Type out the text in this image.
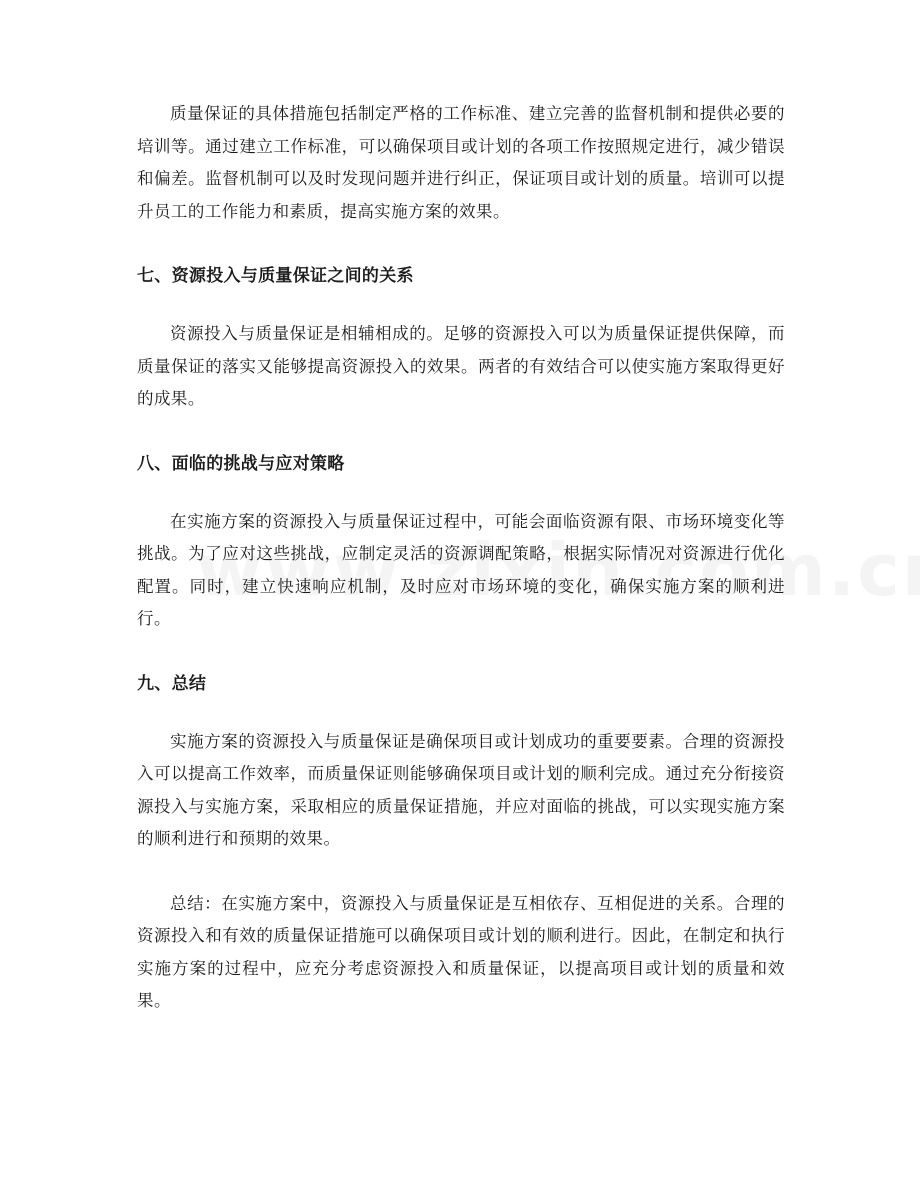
质量保证的具体措施包括制定严格的工作标准、建立完善的监督机制和提供必要的培训等。通过建立工作标准，可以确保项目或计划的各项工作按照规定进行，减少错误和偏差。监督机制可以及时发现问题并进行纠正，保证项目或计划的质量。培训可以提升员工的工作能力和素质，提高实施方案的效果。

七、资源投入与质量保证之间的关系

资源投入与质量保证是相辅相成的。足够的资源投入可以为质量保证提供保障，而质量保证的落实又能够提高资源投入的效果。两者的有效结合可以使实施方案取得更好的成果。

八、面临的挑战与应对策略

在实施方案的资源投入与质量保证过程中，可能会面临资源有限、市场环境变化等挑战。为了应对这些挑战，应制定灵活的资源调配策略，根据实际情况对资源进行优化配置。同时，建立快速响应机制，及时应对市场环境的变化，确保实施方案的顺利进行。

九、总结

实施方案的资源投入与质量保证是确保项目或计划成功的重要要素。合理的资源投入可以提高工作效率，而质量保证则能够确保项目或计划的顺利完成。通过充分衔接资源投入与实施方案，采取相应的质量保证措施，并应对面临的挑战，可以实现实施方案的顺利进行和预期的效果。

总结：在实施方案中，资源投入与质量保证是互相依存、互相促进的关系。合理的资源投入和有效的质量保证措施可以确保项目或计划的顺利进行。因此，在制定和执行实施方案的过程中，应充分考虑资源投入和质量保证，以提高项目或计划的质量和效果。
